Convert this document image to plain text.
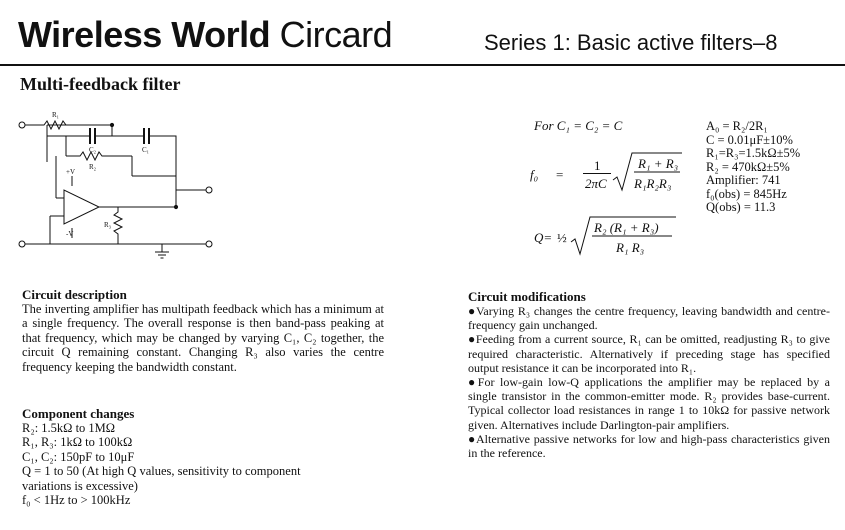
Wireless World Circard	Series 1: Basic active filters–8
Multi-feedback filter
R₁
C₂	C₁
R₂
R₃
+V
-V
For C₁ = C₂ = C
f₀ =
1
2πC
R₁ + R₃
R₁R₂R₃
Q= ½
R₂ (R₁ + R₃)
R₁ R₃

A₀ = R₂/2R₁

C = 0.01μF±10%

R₁=R₃=1.5kΩ±5%

R₂ = 470kΩ±5%

Amplifier: 741

f₀(obs) = 845Hz

Q(obs) = 11.3

Circuit description

The inverting amplifier has multipath feedback which has a minimum at a single frequency. The overall response is then band-pass peaking at that frequency, which may be changed by varying C₁, C₂ together, the circuit Q remaining constant. Changing R₃ also varies the centre frequency keeping the bandwidth constant.

Component changes

R₂: 1.5kΩ to 1MΩ

R₁, R₃: 1kΩ to 100kΩ

C₁, C₂: 150pF to 10μF

Q = 1 to 50 (At high Q values, sensitivity to component

variations is excessive)

f₀ < 1Hz to > 100kHz

Circuit modifications

●Varying R₃ changes the centre frequency, leaving bandwidth and centre-frequency gain unchanged.

●Feeding from a current source, R₁ can be omitted, readjusting R₃ to give required characteristic. Alternatively if preceding stage has specified output resistance it can be incorporated into R₁.

●For low-gain low-Q applications the amplifier may be replaced by a single transistor in the common-emitter mode. R₂ provides base-current. Typical collector load resistances in range 1 to 10kΩ for passive network given. Alternatives include Darlington-pair amplifiers.

●Alternative passive networks for low and high-pass characteristics given in the reference.
